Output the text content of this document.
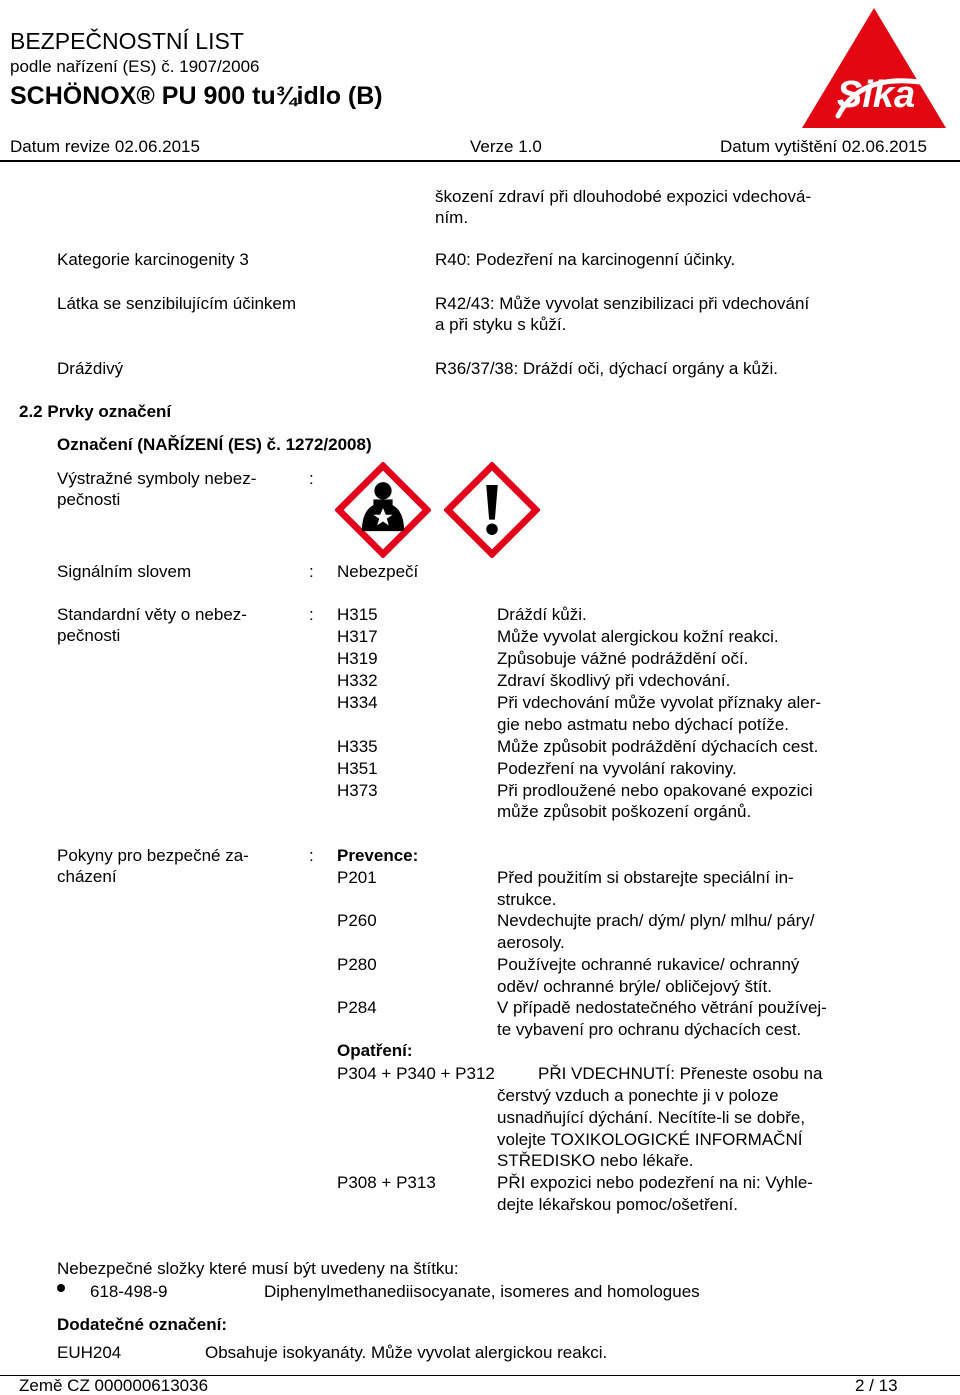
BEZPEČNOSTNÍ LIST
podle nařízení (ES) č. 1907/2006
SCHÖNOX® PU 900 tu¾idlo (B)	Sika
Datum revize 02.06.2015	Verze 1.0	Datum vytištění 02.06.2015
škození zdraví při dlouhodobé expozici vdechová-
ním.
Kategorie karcinogenity 3	R40: Podezření na karcinogenní účinky.
Látka se senzibilujícím účinkem	R42/43: Může vyvolat senzibilizaci při vdechování
a při styku s kůží.
Dráždivý	R36/37/38: Dráždí oči, dýchací orgány a kůži.
2.2 Prvky označení
Označení (NAŘÍZENÍ (ES) č. 1272/2008)
Výstražné symboly nebez-
pečnosti
:
Signálním slovem	: Nebezpečí
Standardní věty o nebez-
pečnosti
: H315	Dráždí kůži.
H317	Může vyvolat alergickou kožní reakci.
H319	Způsobuje vážné podráždění očí.
H332	Zdraví škodlivý při vdechování.
H334	Při vdechování může vyvolat příznaky aler-
gie nebo astmatu nebo dýchací potíže.
H335	Může způsobit podráždění dýchacích cest.
H351	Podezření na vyvolání rakoviny.
H373	Při prodloužené nebo opakované expozici
může způsobit poškození orgánů.
Pokyny pro bezpečné za-
cházení
: Prevence:
P201	Před použitím si obstarejte speciální in-
strukce.
P260	Nevdechujte prach/ dým/ plyn/ mlhu/ páry/
aerosoly.
P280	Používejte ochranné rukavice/ ochranný
oděv/ ochranné brýle/ obličejový štít.
P284	V případě nedostatečného větrání používej-
te vybavení pro ochranu dýchacích cest.
Opatření:
P304 + P340 + P312	PŘI VDECHNUTÍ: Přeneste osobu na
čerstvý vzduch a ponechte ji v poloze
usnadňující dýchání. Necítíte-li se dobře,
volejte TOXIKOLOGICKÉ INFORMAČNÍ
STŘEDISKO nebo lékaře.
P308 + P313	PŘI expozici nebo podezření na ni: Vyhle-
dejte lékařskou pomoc/ošetření.
Nebezpečné složky které musí být uvedeny na štítku:
618-498-9	Diphenylmethanediisocyanate, isomeres and homologues
Dodatečné označení:
EUH204	Obsahuje isokyanáty. Může vyvolat alergickou reakci.
Země CZ 000000613036	2 / 13
